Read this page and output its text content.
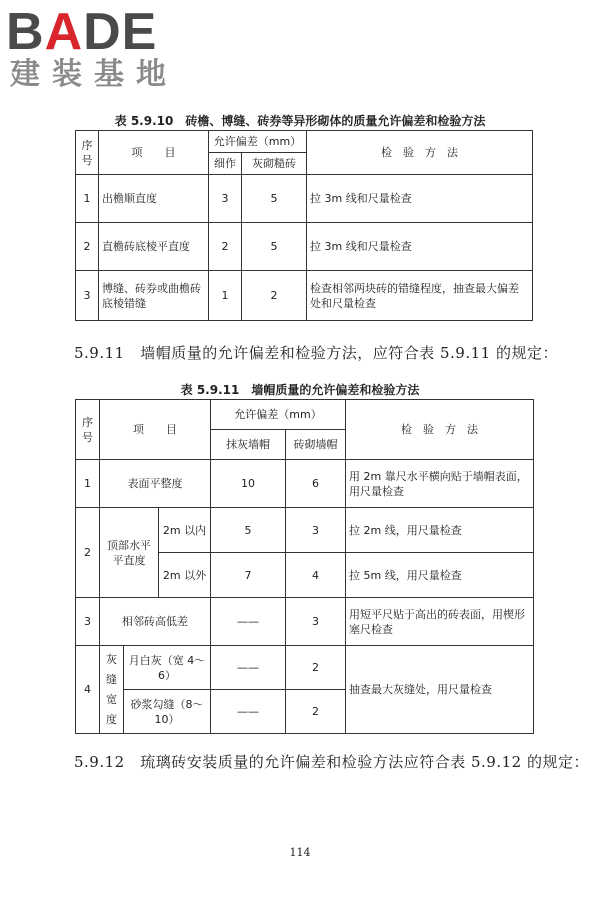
BADE
建装基地
表 5.9.10　砖檐、博缝、砖券等异形砌体的质量允许偏差和检验方法
序号	项　　目	允许偏差（mm）		检　验　方　法
		细作	灰砌糙砖	
1	出檐顺直度	3	5	拉 3m 线和尺量检查
2	直檐砖底棱平直度	2	5	拉 3m 线和尺量检查
3	博缝、砖券或曲檐砖底棱错缝	1	2	检查相邻两块砖的错缝程度，抽查最大偏差处和尺量检查
5.9.11　墙帽质量的允许偏差和检验方法，应符合表 5.9.11 的规定：
表 5.9.11　墙帽质量的允许偏差和检验方法
序号	项　　目			允许偏差（mm）		检　验　方　法
				抹灰墙帽	砖砌墙帽	
1	表面平整度			10	6	用 2m 靠尺水平横向贴于墙帽表面，用尺量检查
2	顶部水平平直度		2m 以内	5	3	拉 2m 线，用尺量检查
			2m 以外	7	4	拉 5m 线，用尺量检查
3	相邻砖高低差			——	3	用短平尺贴于高出的砖表面，用楔形塞尺检查
4	灰缝宽度	月白灰（宽 4～6）		——	2	抽查最大灰缝处，用尺量检查
		砂浆勾缝（8～10）		——	2	
5.9.12　琉璃砖安装质量的允许偏差和检验方法应符合表 5.9.12 的规定：
114
